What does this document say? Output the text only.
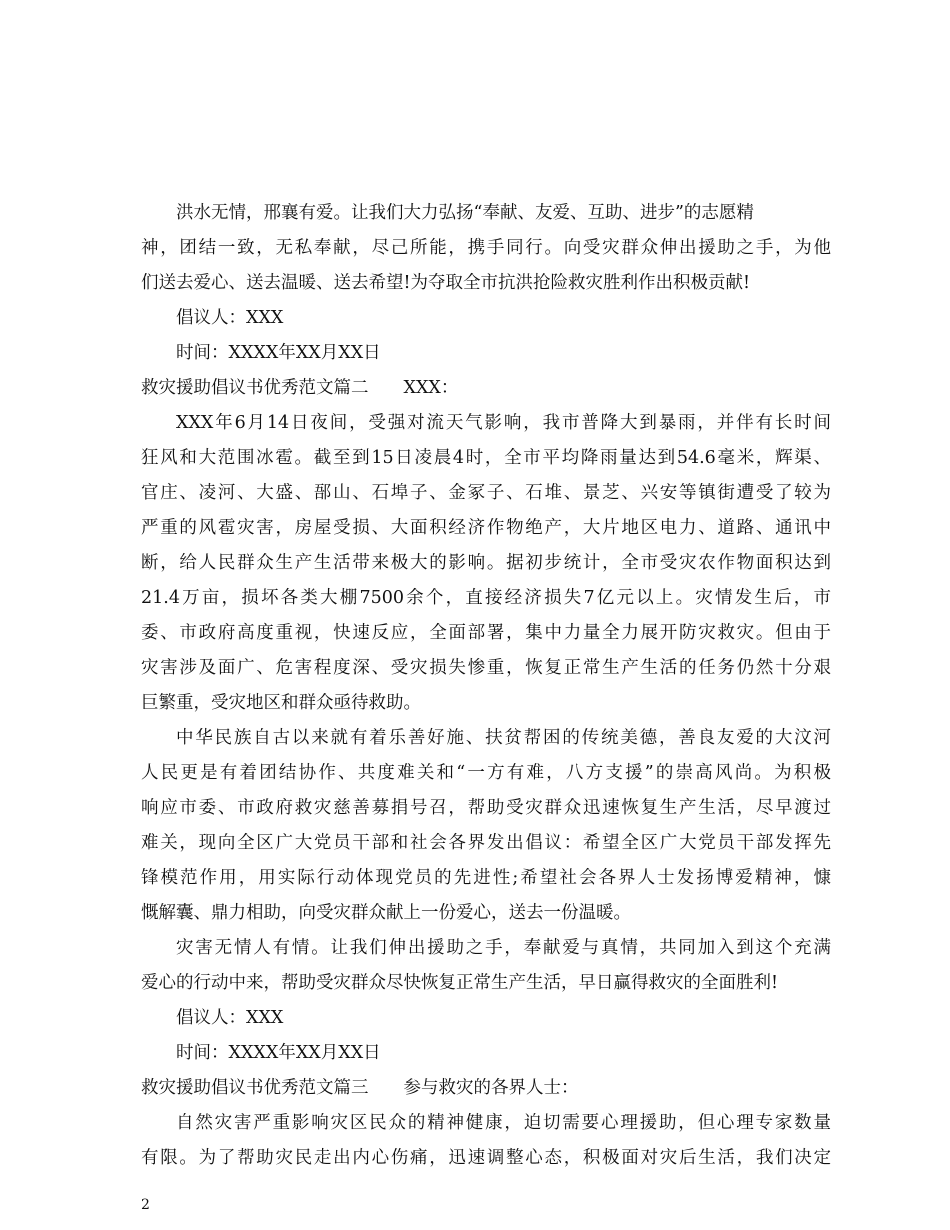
洪水无情，邢襄有爱。让我们大力弘扬“奉献、友爱、互助、进步”的志愿精
神，团结一致，无私奉献，尽己所能，携手同行。向受灾群众伸出援助之手，为他
们送去爱心、送去温暖、送去希望!为夺取全市抗洪抢险救灾胜利作出积极贡献!
倡议人：XXX
时间：XXXX年XX月XX日
救灾援助倡议书优秀范文篇二　　XXX：
XXX年6月14日夜间，受强对流天气影响，我市普降大到暴雨，并伴有长时间
狂风和大范围冰雹。截至到15日凌晨4时，全市平均降雨量达到54.6毫米，辉渠、
官庄、凌河、大盛、郚山、石埠子、金冢子、石堆、景芝、兴安等镇街遭受了较为
严重的风雹灾害，房屋受损、大面积经济作物绝产，大片地区电力、道路、通讯中
断，给人民群众生产生活带来极大的影响。据初步统计，全市受灾农作物面积达到
21.4万亩，损坏各类大棚7500余个，直接经济损失7亿元以上。灾情发生后，市
委、市政府高度重视，快速反应，全面部署，集中力量全力展开防灾救灾。但由于
灾害涉及面广、危害程度深、受灾损失惨重，恢复正常生产生活的任务仍然十分艰
巨繁重，受灾地区和群众亟待救助。
中华民族自古以来就有着乐善好施、扶贫帮困的传统美德，善良友爱的大汶河
人民更是有着团结协作、共度难关和“一方有难，八方支援”的崇高风尚。为积极
响应市委、市政府救灾慈善募捐号召，帮助受灾群众迅速恢复生产生活，尽早渡过
难关，现向全区广大党员干部和社会各界发出倡议：希望全区广大党员干部发挥先
锋模范作用，用实际行动体现党员的先进性;希望社会各界人士发扬博爱精神，慷
慨解囊、鼎力相助，向受灾群众献上一份爱心，送去一份温暖。
灾害无情人有情。让我们伸出援助之手，奉献爱与真情，共同加入到这个充满
爱心的行动中来，帮助受灾群众尽快恢复正常生产生活，早日赢得救灾的全面胜利!
倡议人：XXX
时间：XXXX年XX月XX日
救灾援助倡议书优秀范文篇三　　参与救灾的各界人士：
自然灾害严重影响灾区民众的精神健康，迫切需要心理援助，但心理专家数量
有限。为了帮助灾民走出内心伤痛，迅速调整心态，积极面对灾后生活，我们决定
2
